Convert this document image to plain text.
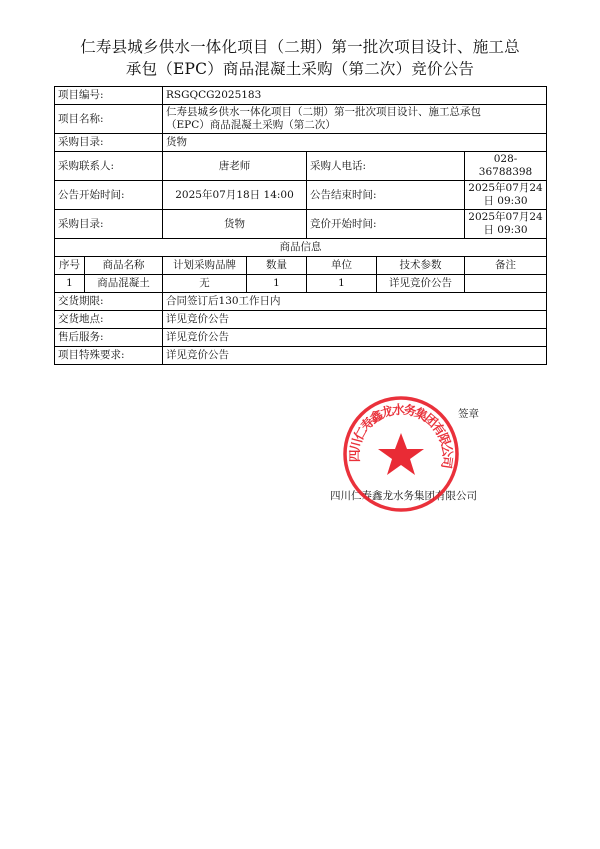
仁寿县城乡供水一体化项目（二期）第一批次项目设计、施工总
承包（EPC）商品混凝土采购（第二次）竞价公告
项目编号:		RSGQCG2025183				
项目名称:		仁寿县城乡供水一体化项目（二期）第一批次项目设计、施工总承包
（EPC）商品混凝土采购（第二次）				

采购目录:		货物				
采购联系人:		唐老师		采购人电话:		028-36788398
公告开始时间:		2025年07月18日 14:00		公告结束时间:		2025年07月24日 09:30
采购目录:		货物		竞价开始时间:		2025年07月24日 09:30
商品信息						
序号	商品名称	计划采购品牌	数量	单位	技术参数	备注
1	商品混凝土	无	1	1	详见竞价公告	
交货期限:		合同签订后130工作日内				
交货地点:		详见竞价公告				
售后服务:		详见竞价公告				
项目特殊要求:		详见竞价公告				
签章
四川仁寿鑫龙水务集团有限公司
四川仁寿鑫龙水务集团有限公司
